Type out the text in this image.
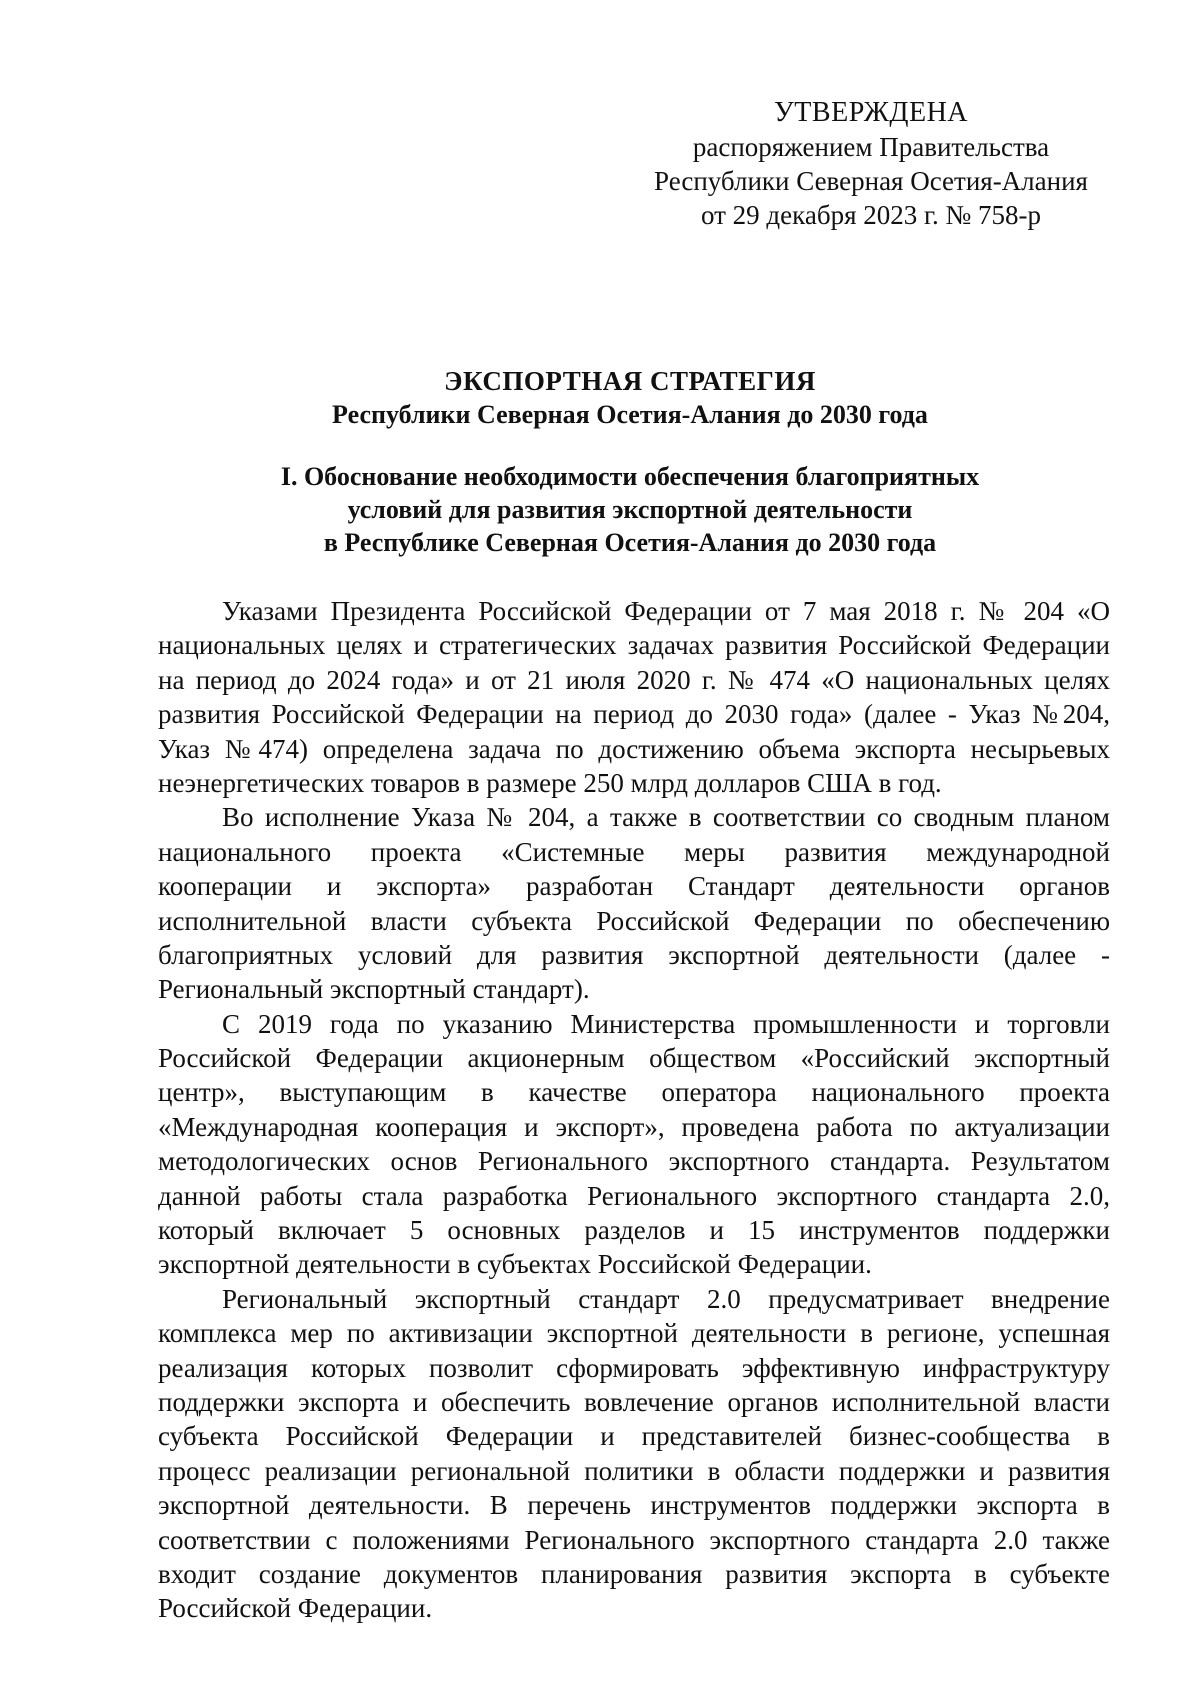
УТВЕРЖДЕНА
распоряжением Правительства
Республики Северная Осетия-Алания
от 29 декабря 2023 г. № 758-р
ЭКСПОРТНАЯ СТРАТЕГИЯ
Республики Северная Осетия-Алания до 2030 года
I. Обоснование необходимости обеспечения благоприятных
условий для развития экспортной деятельности
в Республике Северная Осетия-Алания до 2030 года
Указами Президента Российской Федерации от 7 мая 2018 г. № 204 «О
национальных целях и стратегических задачах развития Российской Федерации
на период до 2024 года» и от 21 июля 2020 г. № 474 «О национальных целях
развития Российской Федерации на период до 2030 года» (далее - Указ №204,
Указ №474) определена задача по достижению объема экспорта несырьевых
неэнергетических товаров в размере 250 млрд долларов США в год.
Во исполнение Указа № 204, а также в соответствии со сводным планом
национального проекта «Системные меры развития международной
кооперации и экспорта» разработан Стандарт деятельности органов
исполнительной власти субъекта Российской Федерации по обеспечению
благоприятных условий для развития экспортной деятельности (далее -
Региональный экспортный стандарт).
С 2019 года по указанию Министерства промышленности и торговли
Российской Федерации акционерным обществом «Российский экспортный
центр», выступающим в качестве оператора национального проекта
«Международная кооперация и экспорт», проведена работа по актуализации
методологических основ Регионального экспортного стандарта. Результатом
данной работы стала разработка Регионального экспортного стандарта 2.0,
который включает 5 основных разделов и 15 инструментов поддержки
экспортной деятельности в субъектах Российской Федерации.
Региональный экспортный стандарт 2.0 предусматривает внедрение
комплекса мер по активизации экспортной деятельности в регионе, успешная
реализация которых позволит сформировать эффективную инфраструктуру
поддержки экспорта и обеспечить вовлечение органов исполнительной власти
субъекта Российской Федерации и представителей бизнес-сообщества в
процесс реализации региональной политики в области поддержки и развития
экспортной деятельности. В перечень инструментов поддержки экспорта в
соответствии с положениями Регионального экспортного стандарта 2.0 также
входит создание документов планирования развития экспорта в субъекте
Российской Федерации.
